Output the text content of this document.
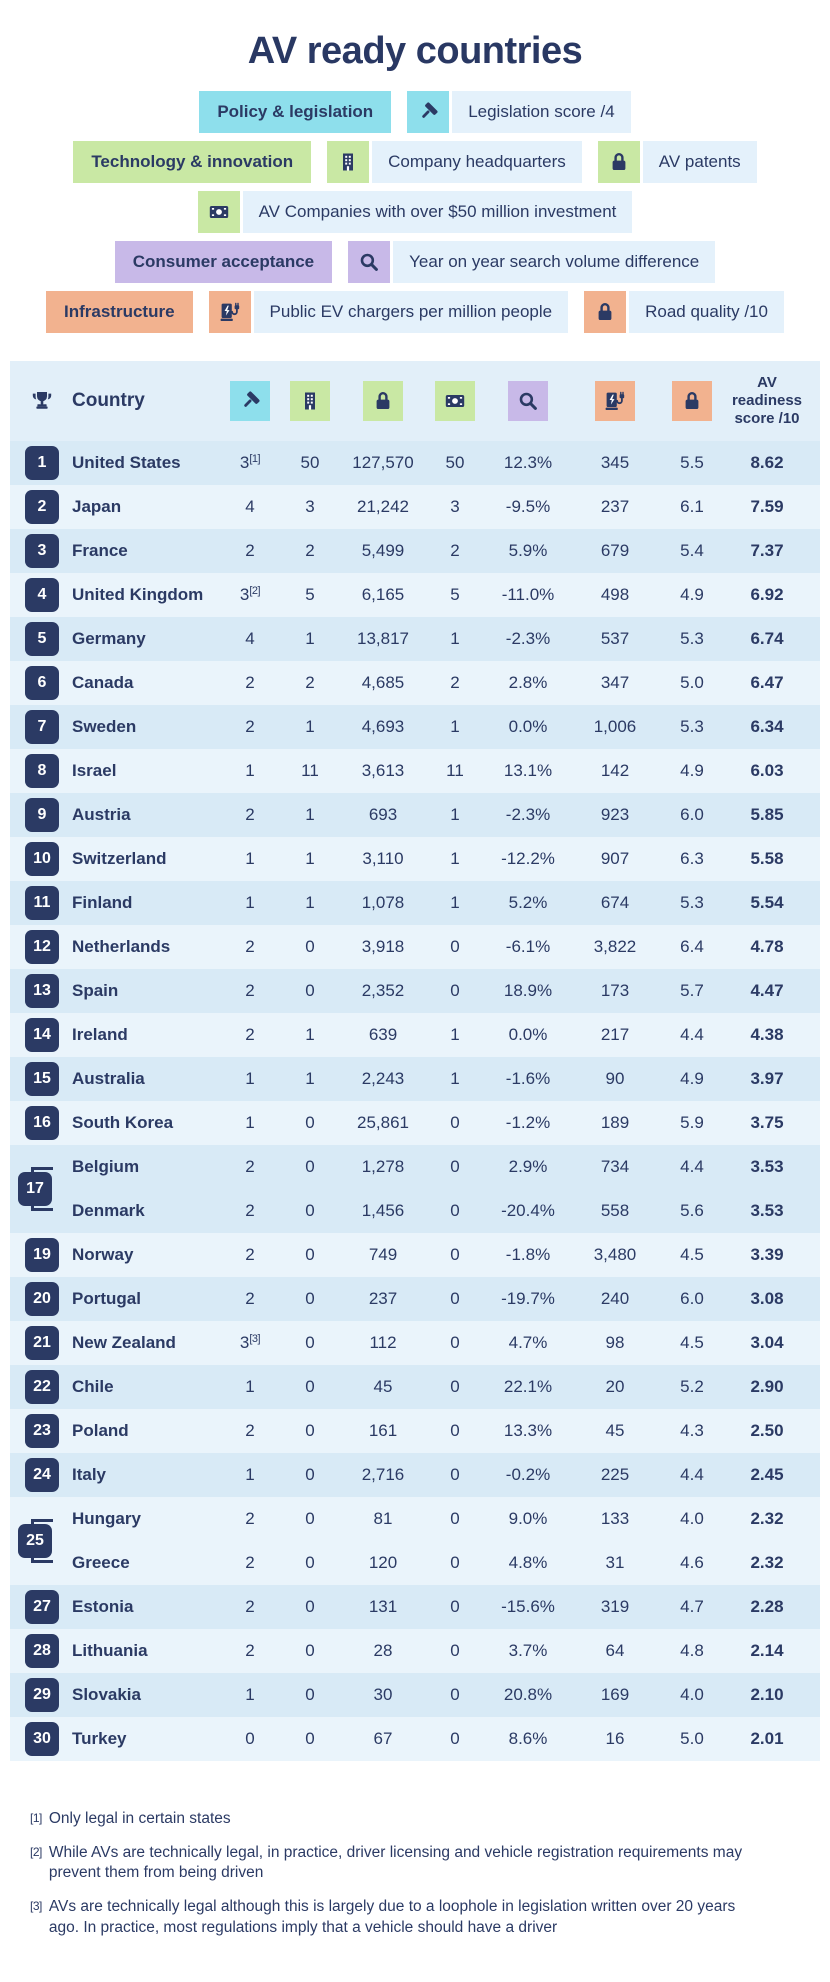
AV ready countries
Policy & legislation	Legislation score /4
Technology & innovation	Company headquarters	AV patents
AV Companies with over $50 million investment
Consumer acceptance	Year on year search volume difference
Infrastructure	Public EV chargers per million people	Road quality /10
Country
AV readiness score /10
1	United States	3[1]	50	127,570	50	12.3%	345	5.5	8.62
2	Japan	4	3	21,242	3	-9.5%	237	6.1	7.59
3	France	2	2	5,499	2	5.9%	679	5.4	7.37
4	United Kingdom	3[2]	5	6,165	5	-11.0%	498	4.9	6.92
5	Germany	4	1	13,817	1	-2.3%	537	5.3	6.74
6	Canada	2	2	4,685	2	2.8%	347	5.0	6.47
7	Sweden	2	1	4,693	1	0.0%	1,006	5.3	6.34
8	Israel	1	11	3,613	11	13.1%	142	4.9	6.03
9	Austria	2	1	693	1	-2.3%	923	6.0	5.85
10	Switzerland	1	1	3,110	1	-12.2%	907	6.3	5.58
11	Finland	1	1	1,078	1	5.2%	674	5.3	5.54
12	Netherlands	2	0	3,918	0	-6.1%	3,822	6.4	4.78
13	Spain	2	0	2,352	0	18.9%	173	5.7	4.47
14	Ireland	2	1	639	1	0.0%	217	4.4	4.38
15	Australia	1	1	2,243	1	-1.6%	90	4.9	3.97
16	South Korea	1	0	25,861	0	-1.2%	189	5.9	3.75
17
Belgium	2	0	1,278	0	2.9%	734	4.4	3.53
Denmark	2	0	1,456	0	-20.4%	558	5.6	3.53
19	Norway	2	0	749	0	-1.8%	3,480	4.5	3.39
20	Portugal	2	0	237	0	-19.7%	240	6.0	3.08
21	New Zealand	3[3]	0	112	0	4.7%	98	4.5	3.04
22	Chile	1	0	45	0	22.1%	20	5.2	2.90
23	Poland	2	0	161	0	13.3%	45	4.3	2.50
24	Italy	1	0	2,716	0	-0.2%	225	4.4	2.45
25
Hungary	2	0	81	0	9.0%	133	4.0	2.32
Greece	2	0	120	0	4.8%	31	4.6	2.32
27	Estonia	2	0	131	0	-15.6%	319	4.7	2.28
28	Lithuania	2	0	28	0	3.7%	64	4.8	2.14
29	Slovakia	1	0	30	0	20.8%	169	4.0	2.10
30	Turkey	0	0	67	0	8.6%	16	5.0	2.01
[1] Only legal in certain states
[2] While AVs are technically legal, in practice, driver licensing and vehicle registration requirements may prevent them from being driven
[3] AVs are technically legal although this is largely due to a loophole in legislation written over 20 years ago. In practice, most regulations imply that a vehicle should have a driver
